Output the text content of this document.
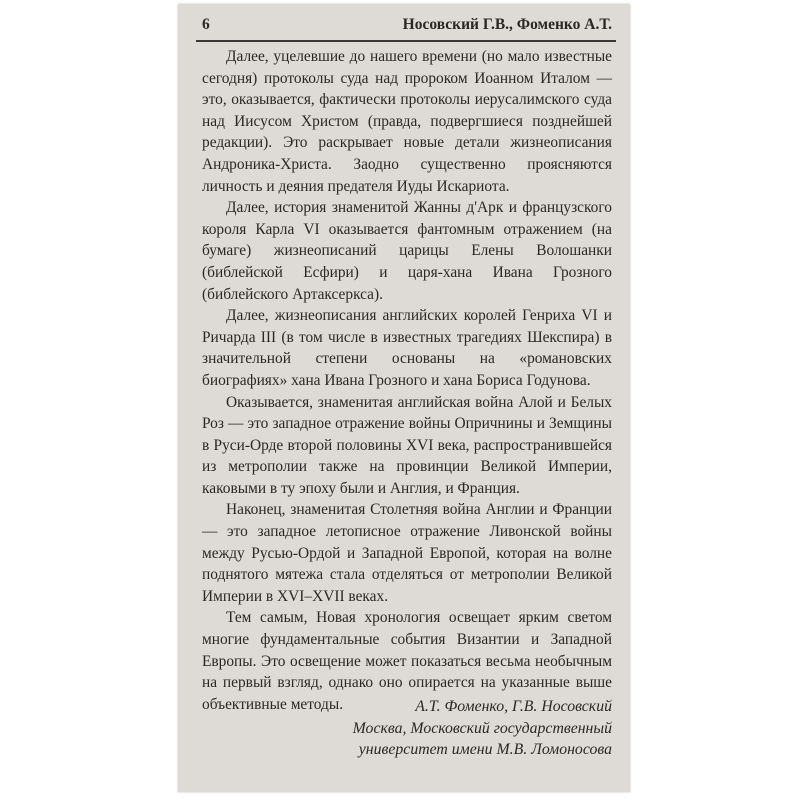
6	Носовский Г.В., Фоменко А.Т.

Далее, уцелевшие до нашего времени (но мало известные сегодня) протоколы суда над пророком Иоанном Италом — это, оказывается, фактически протоколы иерусалимского суда над Иисусом Христом (правда, подвергшиеся позднейшей редакции). Это раскрывает новые детали жизнеописания Андроника-Христа. Заодно существенно проясняются личность и деяния предателя Иуды Искариота.

Далее, история знаменитой Жанны д'Арк и французского короля Карла VI оказывается фантомным отражением (на бумаге) жизнеописаний царицы Елены Волошанки (библейской Есфири) и царя-хана Ивана Грозного (библейского Артаксеркса).

Далее, жизнеописания английских королей Генриха VI и Ричарда III (в том числе в известных трагедиях Шекспира) в значительной степени основаны на «романовских биографиях» хана Ивана Грозного и хана Бориса Годунова.

Оказывается, знаменитая английская война Алой и Белых Роз — это западное отражение войны Опричнины и Земщины в Руси-Орде второй половины XVI века, распространившейся из метрополии также на провинции Великой Империи, каковыми в ту эпоху были и Англия, и Франция.

Наконец, знаменитая Столетняя война Англии и Франции — это западное летописное отражение Ливонской войны между Русью-Ордой и Западной Европой, которая на волне поднятого мятежа стала отделяться от метрополии Великой Империи в XVI–XVII веках.

Тем самым, Новая хронология освещает ярким светом многие фундаментальные события Византии и Западной Европы. Это освещение может показаться весьма необычным на первый взгляд, однако оно опирается на указанные выше объективные методы.	А.Т. Фоменко, Г.В. Носовский
Москва, Московский государственный
университет имени М.В. Ломоносова
